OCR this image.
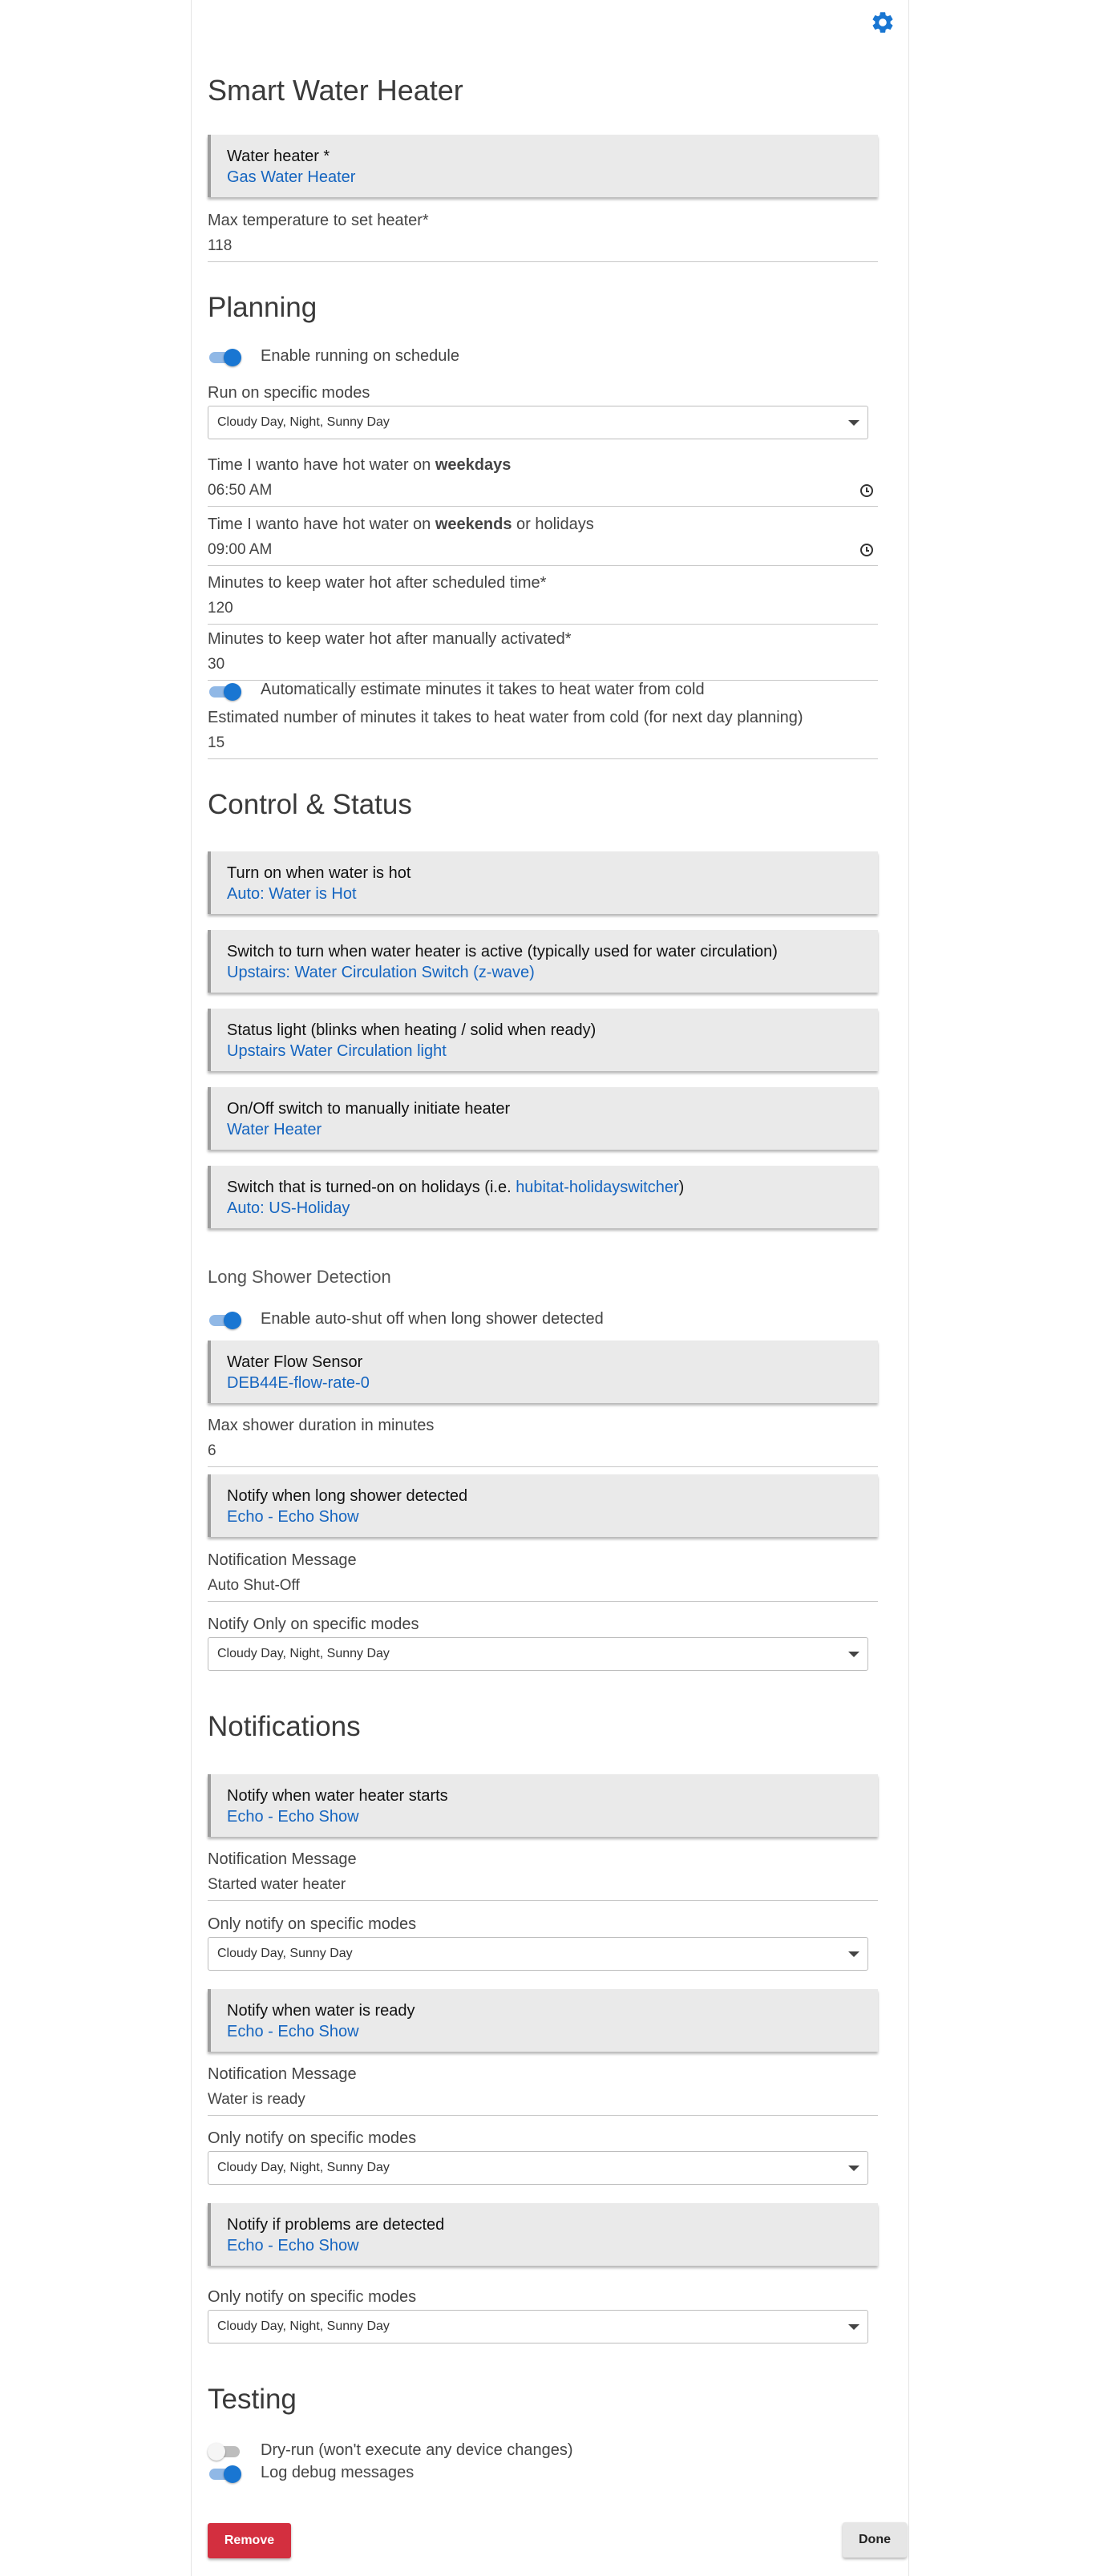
Smart Water Heater
Water heater *
Gas Water Heater
Max temperature to set heater*
118
Planning
Enable running on schedule
Run on specific modes
Cloudy Day, Night, Sunny Day
Time I wanto have hot water on weekdays
06:50 AM
Time I wanto have hot water on weekends or holidays
09:00 AM
Minutes to keep water hot after scheduled time*
120
Minutes to keep water hot after manually activated*
30
Automatically estimate minutes it takes to heat water from cold
Estimated number of minutes it takes to heat water from cold (for next day planning)
15
Control & Status
Turn on when water is hot
Auto: Water is Hot
Switch to turn when water heater is active (typically used for water circulation)
Upstairs: Water Circulation Switch (z-wave)
Status light (blinks when heating / solid when ready)
Upstairs Water Circulation light
On/Off switch to manually initiate heater
Water Heater
Switch that is turned-on on holidays (i.e. hubitat-holidayswitcher)
Auto: US-Holiday
Long Shower Detection
Enable auto-shut off when long shower detected
Water Flow Sensor
DEB44E-flow-rate-0
Max shower duration in minutes
6
Notify when long shower detected
Echo - Echo Show
Notification Message
Auto Shut-Off
Notify Only on specific modes
Cloudy Day, Night, Sunny Day
Notifications
Notify when water heater starts
Echo - Echo Show
Notification Message
Started water heater
Only notify on specific modes
Cloudy Day, Sunny Day
Notify when water is ready
Echo - Echo Show
Notification Message
Water is ready
Only notify on specific modes
Cloudy Day, Night, Sunny Day
Notify if problems are detected
Echo - Echo Show
Only notify on specific modes
Cloudy Day, Night, Sunny Day
Testing
Dry-run (won't execute any device changes)
Log debug messages
Remove	Done
